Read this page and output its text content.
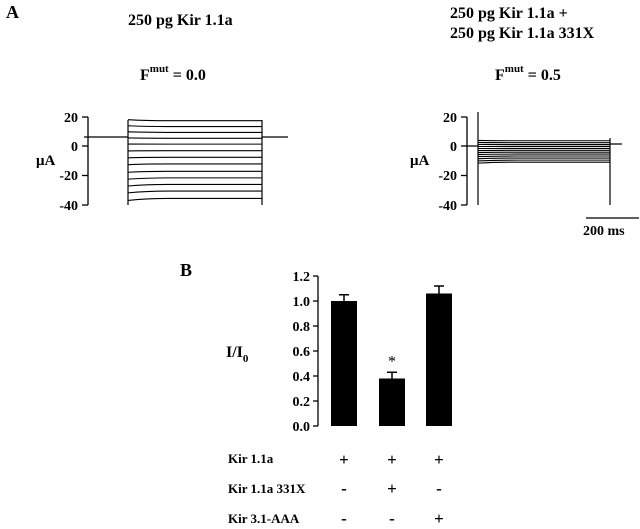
A	250 pg Kir 1.1a
$F^{mut} = 0.0$
250 pg Kir 1.1a +
250 pg Kir 1.1a 331X
$F^{mut} = 0.5$
20
0
-20
-40
μA
20
0
-20
-40
μA
200 ms
B
$I/I_0$
0.0
0.2
0.4
0.6
0.8
1.0
1.2
*
Kir 1.1a
Kir 1.1a 331X
Kir 3.1-AAA
+ + +
- + -
- - +
